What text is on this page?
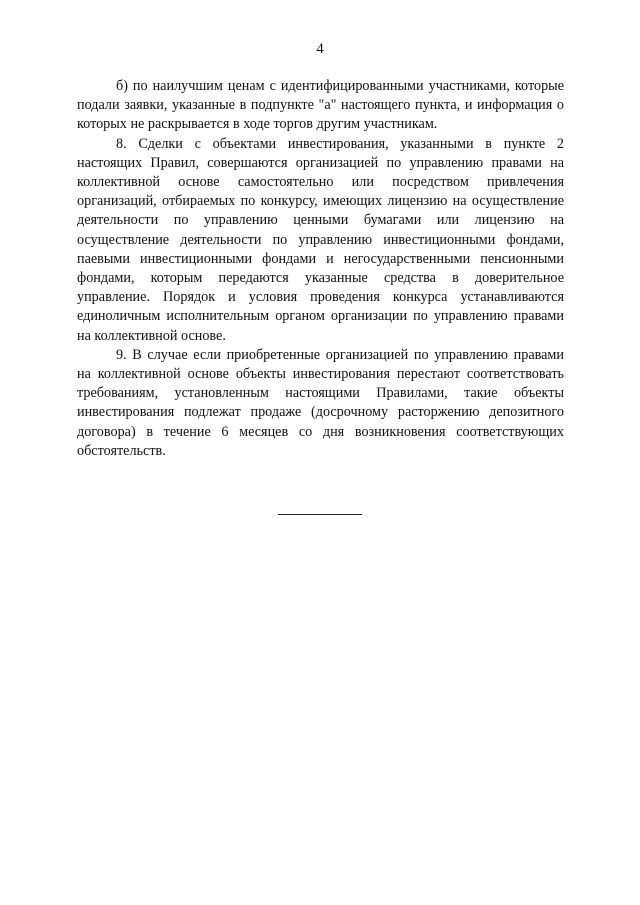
4

б) по наилучшим ценам с идентифицированными участниками, которые подали заявки, указанные в подпункте "а" настоящего пункта, и информация о которых не раскрывается в ходе торгов другим участникам.

8. Сделки с объектами инвестирования, указанными в пункте 2 настоящих Правил, совершаются организацией по управлению правами на коллективной основе самостоятельно или посредством привлечения организаций, отбираемых по конкурсу, имеющих лицензию на осуществление деятельности по управлению ценными бумагами или лицензию на осуществление деятельности по управлению инвестиционными фондами, паевыми инвестиционными фондами и негосударственными пенсионными фондами, которым передаются указанные средства в доверительное управление. Порядок и условия проведения конкурса устанавливаются единоличным исполнительным органом организации по управлению правами на коллективной основе.

9. В случае если приобретенные организацией по управлению правами на коллективной основе объекты инвестирования перестают соответствовать требованиям, установленным настоящими Правилами, такие объекты инвестирования подлежат продаже (досрочному расторжению депозитного договора) в течение 6 месяцев со дня возникновения соответствующих обстоятельств.
